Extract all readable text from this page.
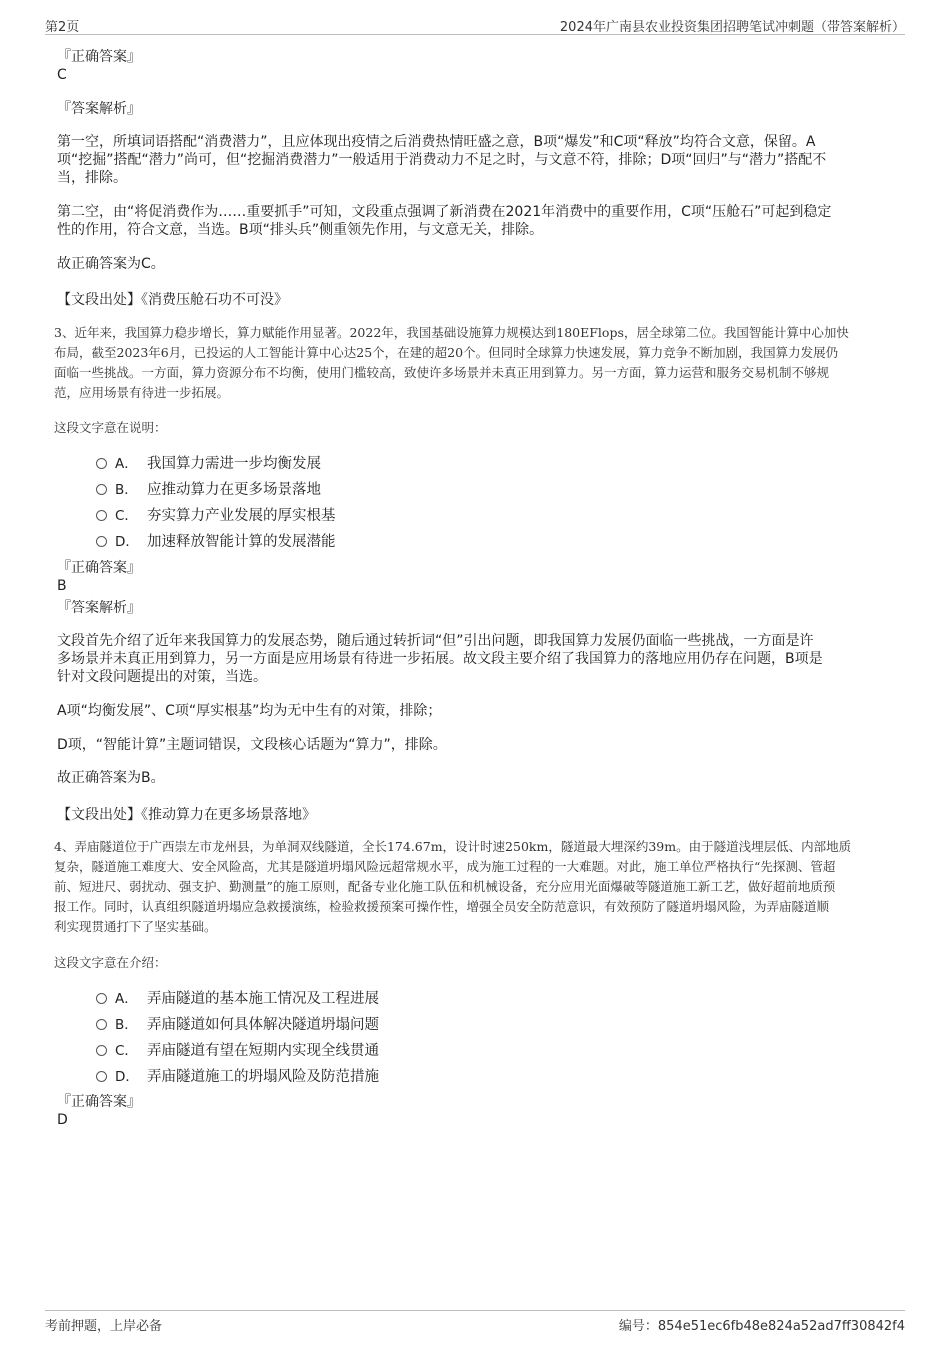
第2页	2024年广南县农业投资集团招聘笔试冲刺题（带答案解析）
『正确答案』
C
『答案解析』
第一空，所填词语搭配“消费潜力”，且应体现出疫情之后消费热情旺盛之意，B项“爆发”和C项“释放”均符合文意，保留。A
项“挖掘”搭配“潜力”尚可，但“挖掘消费潜力”一般适用于消费动力不足之时，与文意不符，排除；D项“回归”与“潜力”搭配不
当，排除。
第二空，由“将促消费作为……重要抓手”可知，文段重点强调了新消费在2021年消费中的重要作用，C项“压舱石”可起到稳定
性的作用，符合文意，当选。B项“排头兵”侧重领先作用，与文意无关，排除。
故正确答案为C。
【文段出处】《消费压舱石功不可没》
3、近年来，我国算力稳步增长，算力赋能作用显著。2022年，我国基础设施算力规模达到180EFlops，居全球第二位。我国智能计算中心加快
布局，截至2023年6月，已投运的人工智能计算中心达25个，在建的超20个。但同时全球算力快速发展，算力竞争不断加剧，我国算力发展仍
面临一些挑战。一方面，算力资源分布不均衡，使用门槛较高，致使许多场景并未真正用到算力。另一方面，算力运营和服务交易机制不够规
范，应用场景有待进一步拓展。
这段文字意在说明：
A． 我国算力需进一步均衡发展
B． 应推动算力在更多场景落地
C． 夯实算力产业发展的厚实根基
D． 加速释放智能计算的发展潜能
『正确答案』
B
『答案解析』
文段首先介绍了近年来我国算力的发展态势，随后通过转折词“但”引出问题，即我国算力发展仍面临一些挑战，一方面是许
多场景并未真正用到算力，另一方面是应用场景有待进一步拓展。故文段主要介绍了我国算力的落地应用仍存在问题，B项是
针对文段问题提出的对策，当选。
A项“均衡发展”、C项“厚实根基”均为无中生有的对策，排除；
D项，“智能计算”主题词错误，文段核心话题为“算力”，排除。
故正确答案为B。
【文段出处】《推动算力在更多场景落地》
4、弄庙隧道位于广西崇左市龙州县，为单洞双线隧道，全长174.67m，设计时速250km，隧道最大埋深约39m。由于隧道浅埋层低、内部地质
复杂，隧道施工难度大、安全风险高，尤其是隧道坍塌风险远超常规水平，成为施工过程的一大难题。对此，施工单位严格执行“先探测、管超
前、短进尺、弱扰动、强支护、勤测量”的施工原则，配备专业化施工队伍和机械设备，充分应用光面爆破等隧道施工新工艺，做好超前地质预
报工作。同时，认真组织隧道坍塌应急救援演练，检验救援预案可操作性，增强全员安全防范意识，有效预防了隧道坍塌风险，为弄庙隧道顺
利实现贯通打下了坚实基础。
这段文字意在介绍：
A． 弄庙隧道的基本施工情况及工程进展
B． 弄庙隧道如何具体解决隧道坍塌问题
C． 弄庙隧道有望在短期内实现全线贯通
D． 弄庙隧道施工的坍塌风险及防范措施
『正确答案』
D
考前押题，上岸必备	编号：854e51ec6fb48e824a52ad7ff30842f4
